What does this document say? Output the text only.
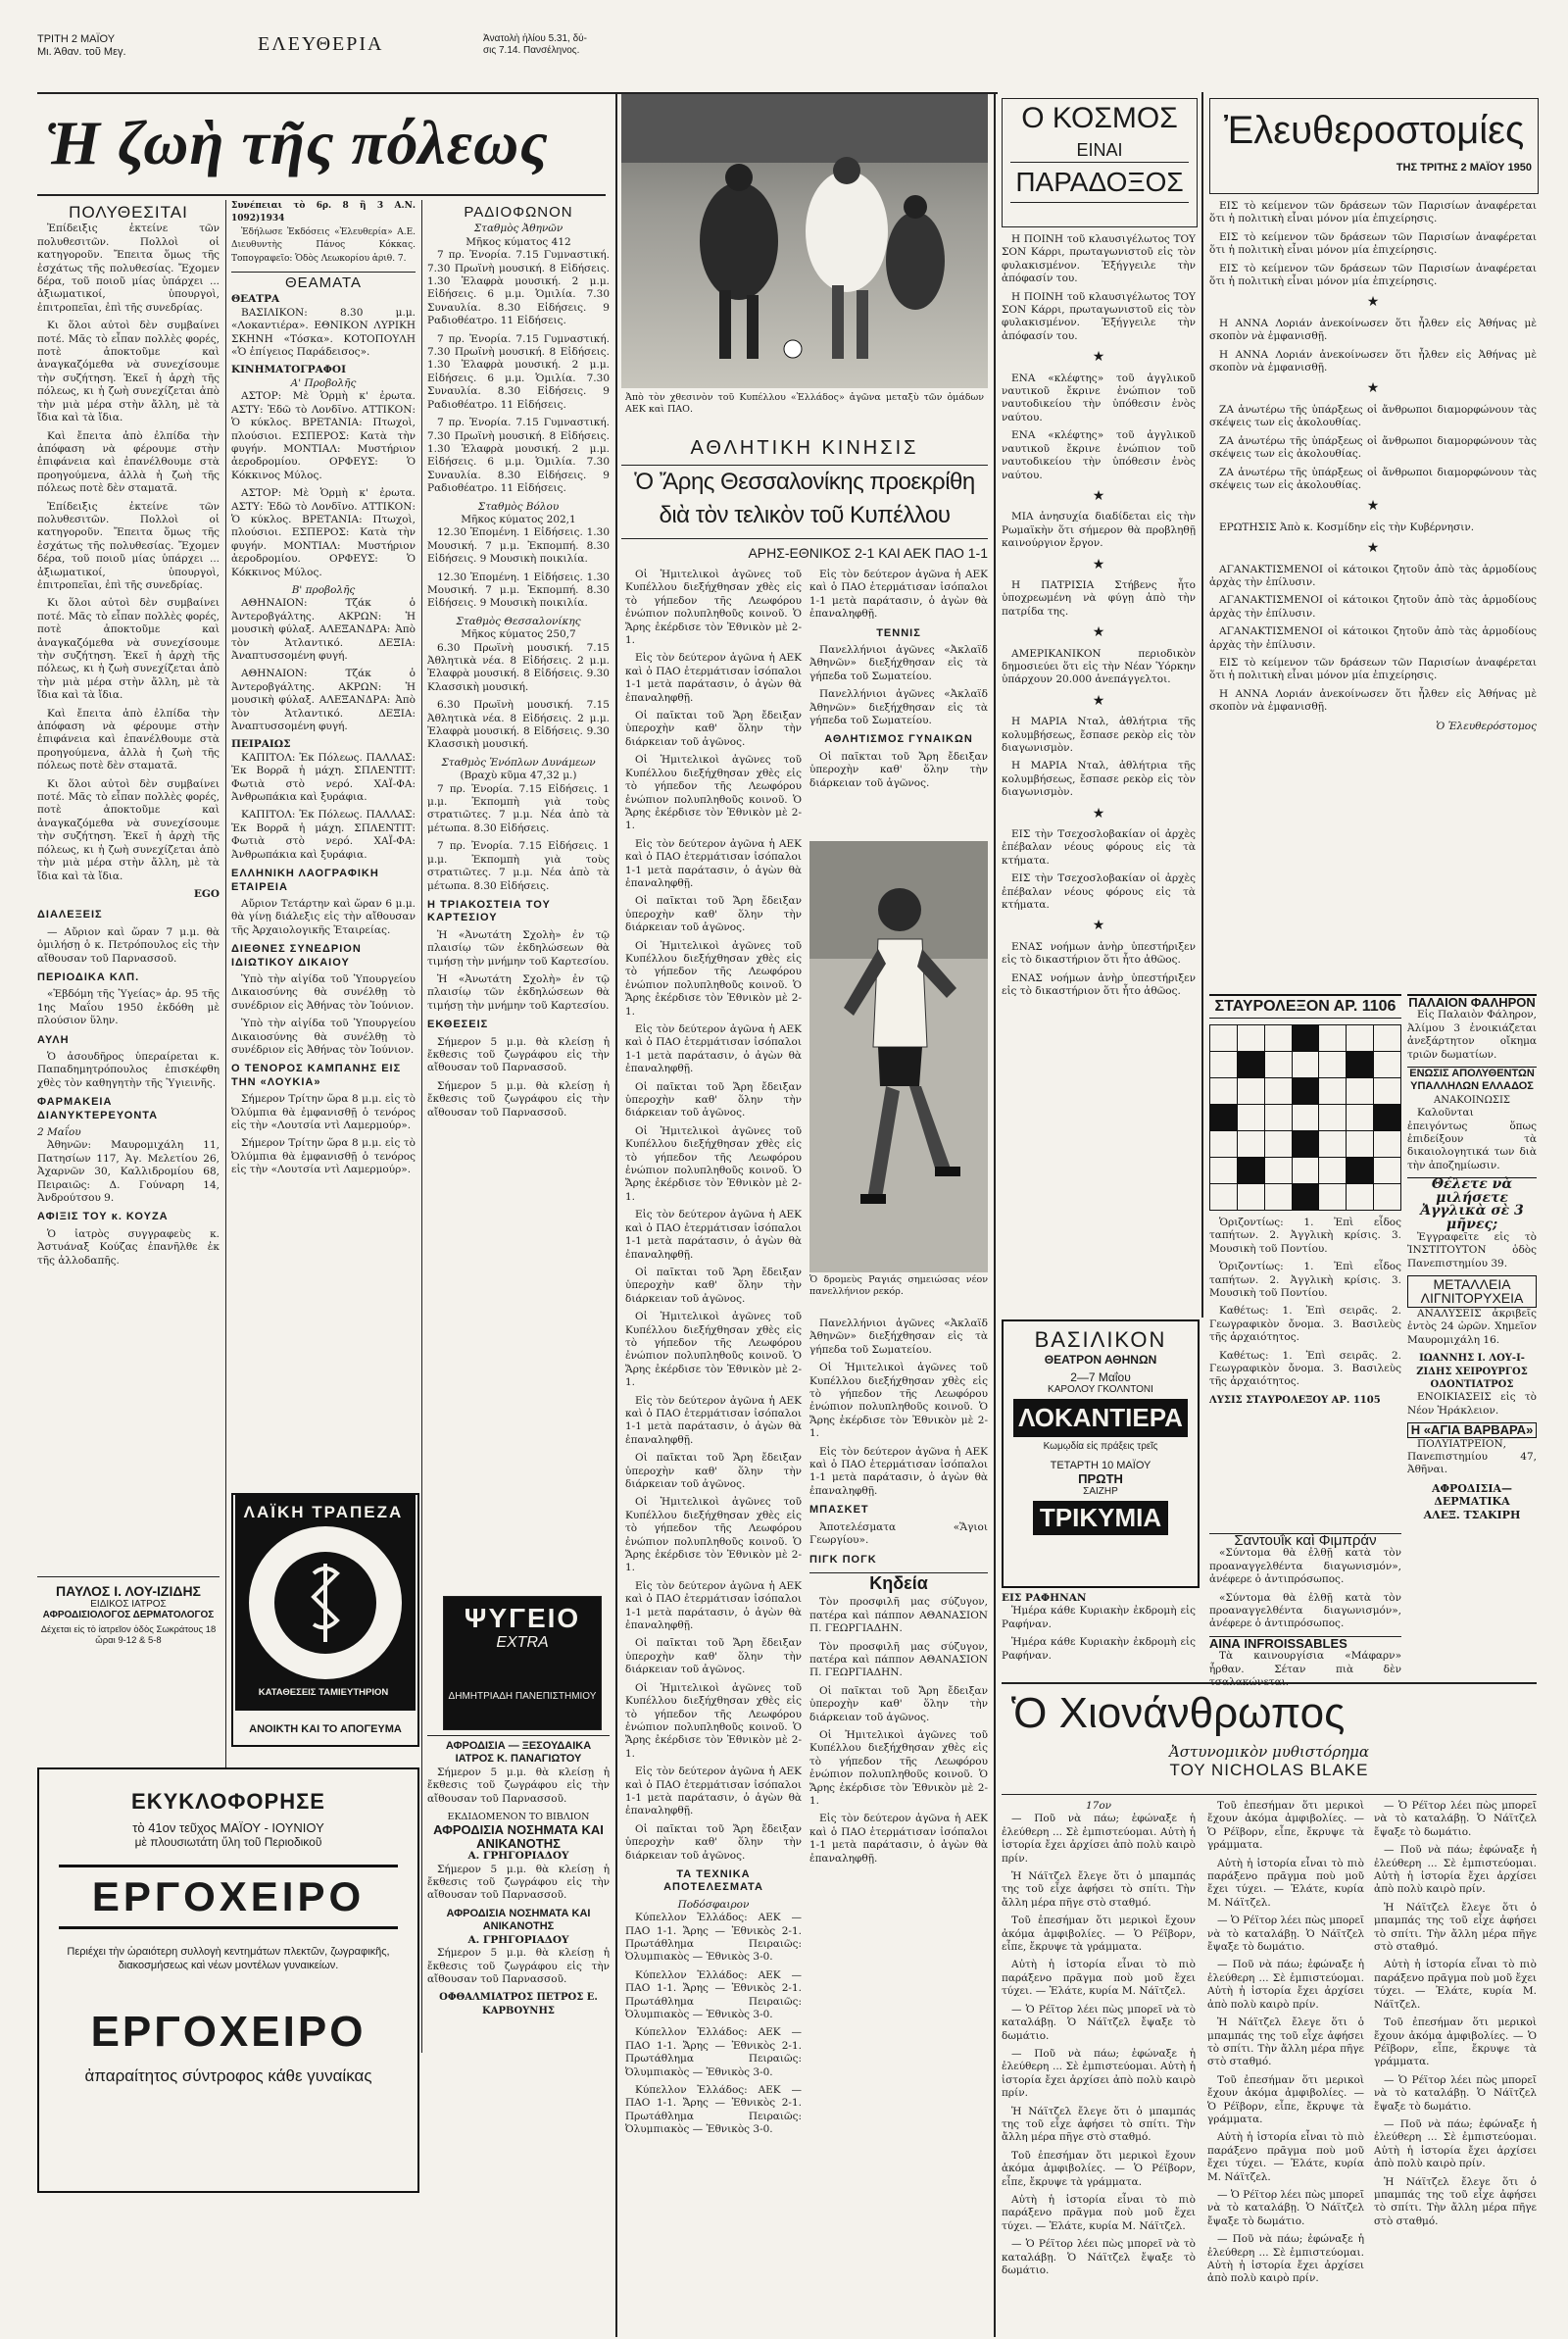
ΤΡΙΤΗ 2 ΜΑΪΟΥ
Μι. Άθαν. τοῦ Μεγ.	ΕΛΕΥΘΕΡΙΑ	Ἀνατολὴ ἡλίου 5.31, δύ-
σις 7.14. Πανσέληνος.
Ἡ ζωὴ τῆς πόλεως
ΠΟΛΥΘΕΣΙΤΑΙ

Ἐπίδειξις ἐκτείνε τῶν πολυθεσιτῶν. Πολλοὶ οἱ κατηγοροῦν. Ἔπειτα ὅμως τῆς ἐσχάτως τῆς πολυθεσίας. Ἔχομεν δέρα, τοῦ ποιοῦ μίας ὑπάρχει ... ἀξιωματικοί, ὑπουργοὶ, ἐπιτροπεῖαι, ἐπὶ τῆς συνεδρίας.

Κι ὅλοι αὐτοὶ δὲν συμβαίνει ποτέ. Μᾶς τὸ εἶπαν πολλὲς φορές, ποτὲ ἀποκτοῦμε καὶ ἀναγκαζόμεθα νὰ συνεχίσουμε τὴν συζήτηση. Ἐκεῖ ἡ ἀρχὴ τῆς πόλεως, κι ἡ ζωὴ συνεχίζεται ἀπὸ τὴν μιὰ μέρα στὴν ἄλλη, μὲ τὰ ἴδια καὶ τὰ ἴδια.

Καὶ ἔπειτα ἀπὸ ἐλπίδα τὴν ἀπόφαση νὰ φέρουμε στὴν ἐπιφάνεια καὶ ἐπανέλθουμε στὰ προηγούμενα, ἀλλὰ ἡ ζωὴ τῆς πόλεως ποτὲ δὲν σταματᾶ.

Ἐπίδειξις ἐκτείνε τῶν πολυθεσιτῶν. Πολλοὶ οἱ κατηγοροῦν. Ἔπειτα ὅμως τῆς ἐσχάτως τῆς πολυθεσίας. Ἔχομεν δέρα, τοῦ ποιοῦ μίας ὑπάρχει ... ἀξιωματικοί, ὑπουργοὶ, ἐπιτροπεῖαι, ἐπὶ τῆς συνεδρίας.

Κι ὅλοι αὐτοὶ δὲν συμβαίνει ποτέ. Μᾶς τὸ εἶπαν πολλὲς φορές, ποτὲ ἀποκτοῦμε καὶ ἀναγκαζόμεθα νὰ συνεχίσουμε τὴν συζήτηση. Ἐκεῖ ἡ ἀρχὴ τῆς πόλεως, κι ἡ ζωὴ συνεχίζεται ἀπὸ τὴν μιὰ μέρα στὴν ἄλλη, μὲ τὰ ἴδια καὶ τὰ ἴδια.

Καὶ ἔπειτα ἀπὸ ἐλπίδα τὴν ἀπόφαση νὰ φέρουμε στὴν ἐπιφάνεια καὶ ἐπανέλθουμε στὰ προηγούμενα, ἀλλὰ ἡ ζωὴ τῆς πόλεως ποτὲ δὲν σταματᾶ.

Κι ὅλοι αὐτοὶ δὲν συμβαίνει ποτέ. Μᾶς τὸ εἶπαν πολλὲς φορές, ποτὲ ἀποκτοῦμε καὶ ἀναγκαζόμεθα νὰ συνεχίσουμε τὴν συζήτηση. Ἐκεῖ ἡ ἀρχὴ τῆς πόλεως, κι ἡ ζωὴ συνεχίζεται ἀπὸ τὴν μιὰ μέρα στὴν ἄλλη, μὲ τὰ ἴδια καὶ τὰ ἴδια.

EGO
ΔΙΑΛΕΞΕΙΣ

— Αὔριον καὶ ὥραν 7 μ.μ. θὰ ὁμιλήσῃ ὁ κ. Πετρόπουλος εἰς τὴν αἴθουσαν τοῦ Παρνασσοῦ.

ΠΕΡΙΟΔΙΚΑ ΚΛΠ.

«Ἑβδόμη τῆς Ὑγείας» ἀρ. 95 τῆς 1ης Μαΐου 1950 ἐκδόθη μὲ πλούσιον ὕλην.

ΑΥΛΗ

Ὁ ἀσουδῆρος ὑπεραίρεται κ. Παπαδημητρόπουλος ἐπισκέφθη χθὲς τὸν καθηγητὴν τῆς Ὑγιεινῆς.

ΦΑΡΜΑΚΕΙΑ ΔΙΑΝΥΚΤΕΡΕΥΟΝΤΑ
2 Μαΐου

Ἀθηνῶν: Μαυρομιχάλη 11, Πατησίων 117, Ἀγ. Μελετίου 26, Ἀχαρνῶν 30, Καλλιδρομίου 68, Πειραιῶς: Δ. Γούναρη 14, Ἀνδρούτσου 9.

ΑΦΙΞΙΣ ΤΟΥ κ. ΚΟΥΖΑ

Ὁ ἰατρὸς συγγραφεὺς κ. Ἀστυάναξ Κούζας ἐπανῆλθε ἐκ τῆς ἀλλοδαπῆς.

ΠΑΥΛΟΣ Ι. ΛΟΥ-ΙΖΙΔΗΣ
ΕΙΔΙΚΟΣ ΙΑΤΡΟΣ
ΑΦΡΟΔΙΣΙΟΛΟΓΟΣ ΔΕΡΜΑΤΟΛΟΓΟΣ
Δέχεται εἰς τὸ ἰατρεῖον ὁδὸς Σωκράτους 18 ὥραι 9-12 & 5-8
Συνέπειαι τὸ 6ρ. 8 ἢ 3 Α.Ν. 1092)1934

Ἐδήλωσε Ἐκδόσεις «Ἐλευθερία» Α.Ε. Διευθυντὴς Πάνος Κόκκας. Τοπογραφεῖο: Ὁδὸς Λεωκορίου ἀριθ. 7.

ΘΕΑΜΑΤΑ
ΘΕΑΤΡΑ

ΒΑΣΙΛΙΚΟΝ: 8.30 μ.μ. «Λοκαντιέρα». ΕΘΝΙΚΟΝ ΛΥΡΙΚΗ ΣΚΗΝΗ «Τόσκα». ΚΟΤΟΠΟΥΛΗ «Ὁ ἐπίγειος Παράδεισος».

ΚΙΝΗΜΑΤΟΓΡΑΦΟΙ
Α' Προβολῆς

ΑΣΤΟΡ: Μὲ Ὁρμὴ κ' ἐρωτα. ΑΣΤΥ: Ἐδῶ τὸ Λονδῖνο. ΑΤΤΙΚΟΝ: Ὁ κύκλος. ΒΡΕΤΑΝΙΑ: Πτωχοὶ, πλούσιοι. ΕΣΠΕΡΟΣ: Κατὰ τὴν φυγήν. ΜΟΝΤΙΑΛ: Μυστήριον ἀεροδρομίου. ΟΡΦΕΥΣ: Ὁ Κόκκινος Μύλος.

ΑΣΤΟΡ: Μὲ Ὁρμὴ κ' ἐρωτα. ΑΣΤΥ: Ἐδῶ τὸ Λονδῖνο. ΑΤΤΙΚΟΝ: Ὁ κύκλος. ΒΡΕΤΑΝΙΑ: Πτωχοὶ, πλούσιοι. ΕΣΠΕΡΟΣ: Κατὰ τὴν φυγήν. ΜΟΝΤΙΑΛ: Μυστήριον ἀεροδρομίου. ΟΡΦΕΥΣ: Ὁ Κόκκινος Μύλος.

Β' προβολῆς

ΑΘΗΝΑΙΟΝ: Τζάκ ὁ Ἀντεροβγάλτης. ΑΚΡΩΝ: Ἡ μουσικὴ φύλαξ. ΑΛΕΞΑΝΔΡΑ: Ἀπὸ τὸν Ἀτλαντικό. ΔΕΞΙΑ: Ἀναπτυσσομένη φυγή.

ΑΘΗΝΑΙΟΝ: Τζάκ ὁ Ἀντεροβγάλτης. ΑΚΡΩΝ: Ἡ μουσικὴ φύλαξ. ΑΛΕΞΑΝΔΡΑ: Ἀπὸ τὸν Ἀτλαντικό. ΔΕΞΙΑ: Ἀναπτυσσομένη φυγή.

ΠΕΙΡΑΙΩΣ

ΚΑΠΙΤΟΛ: Ἐκ Πόλεως. ΠΑΛΛΑΣ: Ἐκ Βορρᾶ ἡ μάχη. ΣΠΛΕΝΤΙΤ: Φωτιὰ στὸ νερό. ΧΑΪ-ΦΑ: Ἀνθρωπάκια καὶ ξυράφια.

ΚΑΠΙΤΟΛ: Ἐκ Πόλεως. ΠΑΛΛΑΣ: Ἐκ Βορρᾶ ἡ μάχη. ΣΠΛΕΝΤΙΤ: Φωτιὰ στὸ νερό. ΧΑΪ-ΦΑ: Ἀνθρωπάκια καὶ ξυράφια.

ΕΛΛΗΝΙΚΗ ΛΑΟΓΡΑΦΙΚΗ ΕΤΑΙΡΕΙΑ

Αὔριον Τετάρτην καὶ ὥραν 6 μ.μ. θὰ γίνῃ διάλεξις εἰς τὴν αἴθουσαν τῆς Ἀρχαιολογικῆς Ἑταιρείας.

ΔΙΕΘΝΕΣ ΣΥΝΕΔΡΙΟΝ ΙΔΙΩΤΙΚΟΥ ΔΙΚΑΙΟΥ

Ὑπὸ τὴν αἰγίδα τοῦ Ὑπουργείου Δικαιοσύνης θὰ συνέλθῃ τὸ συνέδριον εἰς Ἀθήνας τὸν Ἰούνιον.

Ὑπὸ τὴν αἰγίδα τοῦ Ὑπουργείου Δικαιοσύνης θὰ συνέλθῃ τὸ συνέδριον εἰς Ἀθήνας τὸν Ἰούνιον.

Ο ΤΕΝΟΡΟΣ ΚΑΜΠΑΝΗΣ ΕΙΣ ΤΗΝ «ΛΟΥΚΙΑ»

Σήμερον Τρίτην ὥρα 8 μ.μ. εἰς τὸ Ὀλύμπια θὰ ἐμφανισθῇ ὁ τενόρος εἰς τὴν «Λουτσία ντὶ Λαμερμούρ».

Σήμερον Τρίτην ὥρα 8 μ.μ. εἰς τὸ Ὀλύμπια θὰ ἐμφανισθῇ ὁ τενόρος εἰς τὴν «Λουτσία ντὶ Λαμερμούρ».

ΛΑΪΚΗ ΤΡΑΠΕΖΑ
ΚΑΤΑΘΕΣΕΙΣ ΤΑΜΙΕΥΤΗΡΙΟΝ
ΑΝΟΙΚΤΗ ΚΑΙ ΤΟ ΑΠΟΓΕΥΜΑ
ΡΑΔΙΟΦΩΝΟΝ
Σταθμὸς Ἀθηνῶν
Μῆκος κύματος 412

7 πρ. Ἐνορία. 7.15 Γυμναστική. 7.30 Πρωϊνὴ μουσική. 8 Εἰδήσεις. 1.30 Ἐλαφρὰ μουσική. 2 μ.μ. Εἰδήσεις. 6 μ.μ. Ὁμιλία. 7.30 Συναυλία. 8.30 Εἰδήσεις. 9 Ραδιοθέατρο. 11 Εἰδήσεις.

7 πρ. Ἐνορία. 7.15 Γυμναστική. 7.30 Πρωϊνὴ μουσική. 8 Εἰδήσεις. 1.30 Ἐλαφρὰ μουσική. 2 μ.μ. Εἰδήσεις. 6 μ.μ. Ὁμιλία. 7.30 Συναυλία. 8.30 Εἰδήσεις. 9 Ραδιοθέατρο. 11 Εἰδήσεις.

7 πρ. Ἐνορία. 7.15 Γυμναστική. 7.30 Πρωϊνὴ μουσική. 8 Εἰδήσεις. 1.30 Ἐλαφρὰ μουσική. 2 μ.μ. Εἰδήσεις. 6 μ.μ. Ὁμιλία. 7.30 Συναυλία. 8.30 Εἰδήσεις. 9 Ραδιοθέατρο. 11 Εἰδήσεις.

Σταθμὸς Βόλου
Μῆκος κύματος 202,1

12.30 Ἐπομένη. 1 Εἰδήσεις. 1.30 Μουσική. 7 μ.μ. Ἐκπομπή. 8.30 Εἰδήσεις. 9 Μουσικὴ ποικιλία.

12.30 Ἐπομένη. 1 Εἰδήσεις. 1.30 Μουσική. 7 μ.μ. Ἐκπομπή. 8.30 Εἰδήσεις. 9 Μουσικὴ ποικιλία.

Σταθμὸς Θεσσαλονίκης
Μῆκος κύματος 250,7

6.30 Πρωϊνὴ μουσική. 7.15 Ἀθλητικὰ νέα. 8 Εἰδήσεις. 2 μ.μ. Ἐλαφρὰ μουσική. 8 Εἰδήσεις. 9.30 Κλασσικὴ μουσική.

6.30 Πρωϊνὴ μουσική. 7.15 Ἀθλητικὰ νέα. 8 Εἰδήσεις. 2 μ.μ. Ἐλαφρὰ μουσική. 8 Εἰδήσεις. 9.30 Κλασσικὴ μουσική.

Σταθμὸς Ἐνόπλων Δυνάμεων
(Βραχὺ κῦμα 47,32 μ.)

7 πρ. Ἐνορία. 7.15 Εἰδήσεις. 1 μ.μ. Ἐκπομπὴ γιὰ τοὺς στρατιῶτες. 7 μ.μ. Νέα ἀπὸ τὰ μέτωπα. 8.30 Εἰδήσεις.

7 πρ. Ἐνορία. 7.15 Εἰδήσεις. 1 μ.μ. Ἐκπομπὴ γιὰ τοὺς στρατιῶτες. 7 μ.μ. Νέα ἀπὸ τὰ μέτωπα. 8.30 Εἰδήσεις.

Η ΤΡΙΑΚΟΣΤΕΙΑ ΤΟΥ ΚΑΡΤΕΣΙΟΥ

Ἡ «Ἀνωτάτη Σχολὴ» ἐν τῷ πλαισίῳ τῶν ἐκδηλώσεων θὰ τιμήσῃ τὴν μνήμην τοῦ Καρτεσίου.

Ἡ «Ἀνωτάτη Σχολὴ» ἐν τῷ πλαισίῳ τῶν ἐκδηλώσεων θὰ τιμήσῃ τὴν μνήμην τοῦ Καρτεσίου.

ΕΚΘΕΣΕΙΣ

Σήμερον 5 μ.μ. θὰ κλείσῃ ἡ ἔκθεσις τοῦ ζωγράφου εἰς τὴν αἴθουσαν τοῦ Παρνασσοῦ.

Σήμερον 5 μ.μ. θὰ κλείσῃ ἡ ἔκθεσις τοῦ ζωγράφου εἰς τὴν αἴθουσαν τοῦ Παρνασσοῦ.

ΨΥΓΕΙΟ
EXTRA
ΔΗΜΗΤΡΙΑΔΗ ΠΑΝΕΠΙΣΤΗΜΙΟΥ
ΑΦΡΟΔΙΣΙΑ — ΞΕΣΟΥΔΑΙΚΑ ΙΑΤΡΟΣ Κ. ΠΑΝΑΓΙΩΤΟΥ

Σήμερον 5 μ.μ. θὰ κλείσῃ ἡ ἔκθεσις τοῦ ζωγράφου εἰς τὴν αἴθουσαν τοῦ Παρνασσοῦ.

ΕΚΔΙΔΟΜΕΝΟΝ ΤΟ ΒΙΒΛΙΟΝ
ΑΦΡΟΔΙΣΙΑ ΝΟΣΗΜΑΤΑ ΚΑΙ ΑΝΙΚΑΝΟΤΗΣ
Α. ΓΡΗΓΟΡΙΑΔΟΥ

Σήμερον 5 μ.μ. θὰ κλείσῃ ἡ ἔκθεσις τοῦ ζωγράφου εἰς τὴν αἴθουσαν τοῦ Παρνασσοῦ.

ΑΦΡΟΔΙΣΙΑ ΝΟΣΗΜΑΤΑ ΚΑΙ ΑΝΙΚΑΝΟΤΗΣ
Α. ΓΡΗΓΟΡΙΑΔΟΥ

Σήμερον 5 μ.μ. θὰ κλείσῃ ἡ ἔκθεσις τοῦ ζωγράφου εἰς τὴν αἴθουσαν τοῦ Παρνασσοῦ.

ΟΦΘΑΛΜΙΑΤΡΟΣ ΠΕΤΡΟΣ Ε. ΚΑΡΒΟΥΝΗΣ
ΕΚΥΚΛΟΦΟΡΗΣΕ
τὸ 41ον τεῦχος ΜΑΪΟΥ - ΙΟΥΝΙΟΥ
μὲ πλουσιωτάτη ὕλη τοῦ Περιοδικοῦ
ΕΡΓΟΧΕΙΡΟ
Περιέχει τὴν ὡραιότερη συλλογὴ κεντημάτων πλεκτῶν, ζωγραφικῆς, διακοσμήσεως καὶ νέων μοντέλων γυναικείων.
ΕΡΓΟΧΕΙΡΟ
ἀπαραίτητος σύντροφος κάθε γυναίκας
Ἀπὸ τὸν χθεσινὸν τοῦ Κυπέλλου «Ἑλλάδος» ἀγῶνα μεταξὺ τῶν ὁμάδων ΑΕΚ καὶ ΠΑΟ.
ΑΘΛΗΤΙΚΗ ΚΙΝΗΣΙΣ
Ὁ Ἄρης Θεσσαλονίκης προεκρίθη διὰ τὸν τελικὸν τοῦ Κυπέλλου
ΑΡΗΣ-ΕΘΝΙΚΟΣ 2-1 ΚΑΙ ΑΕΚ ΠΑΟ 1-1

Οἱ Ἠμιτελικοὶ ἀγῶνες τοῦ Κυπέλλου διεξήχθησαν χθὲς εἰς τὸ γήπεδον τῆς Λεωφόρου ἐνώπιον πολυπληθοῦς κοινοῦ. Ὁ Ἄρης ἐκέρδισε τὸν Ἐθνικὸν μὲ 2-1.

Εἰς τὸν δεύτερον ἀγῶνα ἡ ΑΕΚ καὶ ὁ ΠΑΟ ἐτερμάτισαν ἰσόπαλοι 1-1 μετὰ παράτασιν, ὁ ἀγὼν θὰ ἐπαναληφθῇ.

Οἱ παῖκται τοῦ Ἄρη ἔδειξαν ὑπεροχὴν καθ' ὅλην τὴν διάρκειαν τοῦ ἀγῶνος.

Οἱ Ἠμιτελικοὶ ἀγῶνες τοῦ Κυπέλλου διεξήχθησαν χθὲς εἰς τὸ γήπεδον τῆς Λεωφόρου ἐνώπιον πολυπληθοῦς κοινοῦ. Ὁ Ἄρης ἐκέρδισε τὸν Ἐθνικὸν μὲ 2-1.

Εἰς τὸν δεύτερον ἀγῶνα ἡ ΑΕΚ καὶ ὁ ΠΑΟ ἐτερμάτισαν ἰσόπαλοι 1-1 μετὰ παράτασιν, ὁ ἀγὼν θὰ ἐπαναληφθῇ.

Οἱ παῖκται τοῦ Ἄρη ἔδειξαν ὑπεροχὴν καθ' ὅλην τὴν διάρκειαν τοῦ ἀγῶνος.

Οἱ Ἠμιτελικοὶ ἀγῶνες τοῦ Κυπέλλου διεξήχθησαν χθὲς εἰς τὸ γήπεδον τῆς Λεωφόρου ἐνώπιον πολυπληθοῦς κοινοῦ. Ὁ Ἄρης ἐκέρδισε τὸν Ἐθνικὸν μὲ 2-1.

Εἰς τὸν δεύτερον ἀγῶνα ἡ ΑΕΚ καὶ ὁ ΠΑΟ ἐτερμάτισαν ἰσόπαλοι 1-1 μετὰ παράτασιν, ὁ ἀγὼν θὰ ἐπαναληφθῇ.

Οἱ παῖκται τοῦ Ἄρη ἔδειξαν ὑπεροχὴν καθ' ὅλην τὴν διάρκειαν τοῦ ἀγῶνος.

Οἱ Ἠμιτελικοὶ ἀγῶνες τοῦ Κυπέλλου διεξήχθησαν χθὲς εἰς τὸ γήπεδον τῆς Λεωφόρου ἐνώπιον πολυπληθοῦς κοινοῦ. Ὁ Ἄρης ἐκέρδισε τὸν Ἐθνικὸν μὲ 2-1.

Εἰς τὸν δεύτερον ἀγῶνα ἡ ΑΕΚ καὶ ὁ ΠΑΟ ἐτερμάτισαν ἰσόπαλοι 1-1 μετὰ παράτασιν, ὁ ἀγὼν θὰ ἐπαναληφθῇ.

Οἱ παῖκται τοῦ Ἄρη ἔδειξαν ὑπεροχὴν καθ' ὅλην τὴν διάρκειαν τοῦ ἀγῶνος.

Οἱ Ἠμιτελικοὶ ἀγῶνες τοῦ Κυπέλλου διεξήχθησαν χθὲς εἰς τὸ γήπεδον τῆς Λεωφόρου ἐνώπιον πολυπληθοῦς κοινοῦ. Ὁ Ἄρης ἐκέρδισε τὸν Ἐθνικὸν μὲ 2-1.

Εἰς τὸν δεύτερον ἀγῶνα ἡ ΑΕΚ καὶ ὁ ΠΑΟ ἐτερμάτισαν ἰσόπαλοι 1-1 μετὰ παράτασιν, ὁ ἀγὼν θὰ ἐπαναληφθῇ.

Οἱ παῖκται τοῦ Ἄρη ἔδειξαν ὑπεροχὴν καθ' ὅλην τὴν διάρκειαν τοῦ ἀγῶνος.

Οἱ Ἠμιτελικοὶ ἀγῶνες τοῦ Κυπέλλου διεξήχθησαν χθὲς εἰς τὸ γήπεδον τῆς Λεωφόρου ἐνώπιον πολυπληθοῦς κοινοῦ. Ὁ Ἄρης ἐκέρδισε τὸν Ἐθνικὸν μὲ 2-1.

Εἰς τὸν δεύτερον ἀγῶνα ἡ ΑΕΚ καὶ ὁ ΠΑΟ ἐτερμάτισαν ἰσόπαλοι 1-1 μετὰ παράτασιν, ὁ ἀγὼν θὰ ἐπαναληφθῇ.

Οἱ παῖκται τοῦ Ἄρη ἔδειξαν ὑπεροχὴν καθ' ὅλην τὴν διάρκειαν τοῦ ἀγῶνος.

Οἱ Ἠμιτελικοὶ ἀγῶνες τοῦ Κυπέλλου διεξήχθησαν χθὲς εἰς τὸ γήπεδον τῆς Λεωφόρου ἐνώπιον πολυπληθοῦς κοινοῦ. Ὁ Ἄρης ἐκέρδισε τὸν Ἐθνικὸν μὲ 2-1.

Εἰς τὸν δεύτερον ἀγῶνα ἡ ΑΕΚ καὶ ὁ ΠΑΟ ἐτερμάτισαν ἰσόπαλοι 1-1 μετὰ παράτασιν, ὁ ἀγὼν θὰ ἐπαναληφθῇ.

Οἱ παῖκται τοῦ Ἄρη ἔδειξαν ὑπεροχὴν καθ' ὅλην τὴν διάρκειαν τοῦ ἀγῶνος.

ΤΑ ΤΕΧΝΙΚΑ ΑΠΟΤΕΛΕΣΜΑΤΑ
Ποδόσφαιρον

Κύπελλον Ἑλλάδος: ΑΕΚ — ΠΑΟ 1-1. Ἄρης — Ἐθνικὸς 2-1. Πρωτάθλημα Πειραιῶς: Ὀλυμπιακὸς — Ἐθνικὸς 3-0.

Κύπελλον Ἑλλάδος: ΑΕΚ — ΠΑΟ 1-1. Ἄρης — Ἐθνικὸς 2-1. Πρωτάθλημα Πειραιῶς: Ὀλυμπιακὸς — Ἐθνικὸς 3-0.

Κύπελλον Ἑλλάδος: ΑΕΚ — ΠΑΟ 1-1. Ἄρης — Ἐθνικὸς 2-1. Πρωτάθλημα Πειραιῶς: Ὀλυμπιακὸς — Ἐθνικὸς 3-0.

Κύπελλον Ἑλλάδος: ΑΕΚ — ΠΑΟ 1-1. Ἄρης — Ἐθνικὸς 2-1. Πρωτάθλημα Πειραιῶς: Ὀλυμπιακὸς — Ἐθνικὸς 3-0.

Εἰς τὸν δεύτερον ἀγῶνα ἡ ΑΕΚ καὶ ὁ ΠΑΟ ἐτερμάτισαν ἰσόπαλοι 1-1 μετὰ παράτασιν, ὁ ἀγὼν θὰ ἐπαναληφθῇ.

ΤΕΝΝΙΣ

Πανελλήνιοι ἀγῶνες «Ἀκλαϊδ Ἀθηνῶν» διεξήχθησαν εἰς τὰ γήπεδα τοῦ Σωματείου.

Πανελλήνιοι ἀγῶνες «Ἀκλαϊδ Ἀθηνῶν» διεξήχθησαν εἰς τὰ γήπεδα τοῦ Σωματείου.

ΑΘΛΗΤΙΣΜΟΣ ΓΥΝΑΙΚΩΝ

Οἱ παῖκται τοῦ Ἄρη ἔδειξαν ὑπεροχὴν καθ' ὅλην τὴν διάρκειαν τοῦ ἀγῶνος.

Ὁ δρομεὺς Ραγιάς σημειώσας νέον πανελλήνιον ρεκόρ.

Πανελλήνιοι ἀγῶνες «Ἀκλαϊδ Ἀθηνῶν» διεξήχθησαν εἰς τὰ γήπεδα τοῦ Σωματείου.

Οἱ Ἠμιτελικοὶ ἀγῶνες τοῦ Κυπέλλου διεξήχθησαν χθὲς εἰς τὸ γήπεδον τῆς Λεωφόρου ἐνώπιον πολυπληθοῦς κοινοῦ. Ὁ Ἄρης ἐκέρδισε τὸν Ἐθνικὸν μὲ 2-1.

Εἰς τὸν δεύτερον ἀγῶνα ἡ ΑΕΚ καὶ ὁ ΠΑΟ ἐτερμάτισαν ἰσόπαλοι 1-1 μετὰ παράτασιν, ὁ ἀγὼν θὰ ἐπαναληφθῇ.

ΜΠΑΣΚΕΤ

Ἀποτελέσματα «Ἅγιοι Γεωργίου».

ΠΙΓΚ ΠΟΓΚ
Κηδεία

Τὸν προσφιλῆ μας σύζυγον, πατέρα καὶ πάππον ΑΘΑΝΑΣΙΟΝ Π. ΓΕΩΡΓΙΑΔΗΝ.

Τὸν προσφιλῆ μας σύζυγον, πατέρα καὶ πάππον ΑΘΑΝΑΣΙΟΝ Π. ΓΕΩΡΓΙΑΔΗΝ.

Οἱ παῖκται τοῦ Ἄρη ἔδειξαν ὑπεροχὴν καθ' ὅλην τὴν διάρκειαν τοῦ ἀγῶνος.

Οἱ Ἠμιτελικοὶ ἀγῶνες τοῦ Κυπέλλου διεξήχθησαν χθὲς εἰς τὸ γήπεδον τῆς Λεωφόρου ἐνώπιον πολυπληθοῦς κοινοῦ. Ὁ Ἄρης ἐκέρδισε τὸν Ἐθνικὸν μὲ 2-1.

Εἰς τὸν δεύτερον ἀγῶνα ἡ ΑΕΚ καὶ ὁ ΠΑΟ ἐτερμάτισαν ἰσόπαλοι 1-1 μετὰ παράτασιν, ὁ ἀγὼν θὰ ἐπαναληφθῇ.

Ο ΚΟΣΜΟΣ
ΕΙΝΑΙ
ΠΑΡΑΔΟΞΟΣ

Η ΠΟΙΝΗ τοῦ κλαυσιγέλωτος ΤΟΥ ΣΟΝ Κάρρι, πρωταγωνιστοῦ εἰς τὸν φυλακισμένον. Ἐξήγγειλε τὴν ἀπόφασίν του.

Η ΠΟΙΝΗ τοῦ κλαυσιγέλωτος ΤΟΥ ΣΟΝ Κάρρι, πρωταγωνιστοῦ εἰς τὸν φυλακισμένον. Ἐξήγγειλε τὴν ἀπόφασίν του.

★

ΕΝΑ «κλέφτης» τοῦ ἀγγλικοῦ ναυτικοῦ ἔκρινε ἐνώπιον τοῦ ναυτοδικείου τὴν ὑπόθεσιν ἑνὸς ναύτου.

ΕΝΑ «κλέφτης» τοῦ ἀγγλικοῦ ναυτικοῦ ἔκρινε ἐνώπιον τοῦ ναυτοδικείου τὴν ὑπόθεσιν ἑνὸς ναύτου.

★

ΜΙΑ ἀνησυχία διαδίδεται εἰς τὴν Ρωμαϊκὴν ὅτι σήμερον θὰ προβληθῇ καινούργιον ἔργον.

★

Η ΠΑΤΡΙΣΙΑ Στήβενς ἦτο ὑποχρεωμένη νὰ φύγῃ ἀπὸ τὴν πατρίδα της.

★

ΑΜΕΡΙΚΑΝΙΚΟΝ περιοδικὸν δημοσιεύει ὅτι εἰς τὴν Νέαν Ὑόρκην ὑπάρχουν 20.000 ἀνεπάγγελτοι.

★

Η ΜΑΡΙΑ Νταλ, ἀθλήτρια τῆς κολυμβήσεως, ἔσπασε ρεκὸρ εἰς τὸν διαγωνισμὸν.

Η ΜΑΡΙΑ Νταλ, ἀθλήτρια τῆς κολυμβήσεως, ἔσπασε ρεκὸρ εἰς τὸν διαγωνισμὸν.

★

ΕΙΣ τὴν Τσεχοσλοβακίαν οἱ ἀρχὲς ἐπέβαλαν νέους φόρους εἰς τὰ κτήματα.

ΕΙΣ τὴν Τσεχοσλοβακίαν οἱ ἀρχὲς ἐπέβαλαν νέους φόρους εἰς τὰ κτήματα.

★

ΕΝΑΣ νοήμων ἀνὴρ ὑπεστήριξεν εἰς τὸ δικαστήριον ὅτι ἦτο ἀθῶος.

ΕΝΑΣ νοήμων ἀνὴρ ὑπεστήριξεν εἰς τὸ δικαστήριον ὅτι ἦτο ἀθῶος.

ΒΑΣΙΛΙΚΟΝ
ΘΕΑΤΡΟΝ ΑΘΗΝΩΝ
2—7 Μαΐου
ΚΑΡΟΛΟΥ ΓΚΟΛΝΤΟΝΙ
ΛΟΚΑΝΤΙΕΡΑ
Κωμῳδία εἰς πράξεις τρεῖς
ΤΕΤΑΡΤΗ 10 ΜΑΪΟΥ
ΠΡΩΤΗ
ΣΑΙΖΗΡ
ΤΡΙΚΥΜΙΑ
ΕΙΣ ΡΑΦΗΝΑΝ

Ἡμέρα κάθε Κυριακὴν ἐκδρομὴ εἰς Ραφήναν.

Ἡμέρα κάθε Κυριακὴν ἐκδρομὴ εἰς Ραφήναν.

Ὁ Χιονάνθρωπος
Ἀστυνομικὸν μυθιστόρημα
ΤΟΥ NICHOLAS BLAKE
17ον

— Ποῦ νὰ πάω; ἐφώναξε ἡ ἐλεύθερη ... Σὲ ἐμπιστεύομαι. Αὐτὴ ἡ ἱστορία ἔχει ἀρχίσει ἀπὸ πολὺ καιρὸ πρίν.

Ἡ Νάϊτζελ ἔλεγε ὅτι ὁ μπαμπάς της τοῦ εἶχε ἀφήσει τὸ σπίτι. Τὴν ἄλλη μέρα πῆγε στὸ σταθμό.

Τοῦ ἐπεσήμαν ὅτι μερικοὶ ἔχουν ἀκόμα ἀμφιβολίες. — Ὁ Ρέϊβορν, εἶπε, ἔκρυψε τὰ γράμματα.

Αὐτὴ ἡ ἱστορία εἶναι τὸ πιὸ παράξενο πρᾶγμα ποὺ μοῦ ἔχει τύχει. — Ἐλάτε, κυρία Μ. Νάϊτζελ.

— Ὁ Ρέϊτορ λέει πὼς μπορεῖ νὰ τὸ καταλάβῃ. Ὁ Νάϊτζελ ἔψαξε τὸ δωμάτιο.

— Ποῦ νὰ πάω; ἐφώναξε ἡ ἐλεύθερη ... Σὲ ἐμπιστεύομαι. Αὐτὴ ἡ ἱστορία ἔχει ἀρχίσει ἀπὸ πολὺ καιρὸ πρίν.

Ἡ Νάϊτζελ ἔλεγε ὅτι ὁ μπαμπάς της τοῦ εἶχε ἀφήσει τὸ σπίτι. Τὴν ἄλλη μέρα πῆγε στὸ σταθμό.

Τοῦ ἐπεσήμαν ὅτι μερικοὶ ἔχουν ἀκόμα ἀμφιβολίες. — Ὁ Ρέϊβορν, εἶπε, ἔκρυψε τὰ γράμματα.

Αὐτὴ ἡ ἱστορία εἶναι τὸ πιὸ παράξενο πρᾶγμα ποὺ μοῦ ἔχει τύχει. — Ἐλάτε, κυρία Μ. Νάϊτζελ.

— Ὁ Ρέϊτορ λέει πὼς μπορεῖ νὰ τὸ καταλάβῃ. Ὁ Νάϊτζελ ἔψαξε τὸ δωμάτιο.

Τοῦ ἐπεσήμαν ὅτι μερικοὶ ἔχουν ἀκόμα ἀμφιβολίες. — Ὁ Ρέϊβορν, εἶπε, ἔκρυψε τὰ γράμματα.

Αὐτὴ ἡ ἱστορία εἶναι τὸ πιὸ παράξενο πρᾶγμα ποὺ μοῦ ἔχει τύχει. — Ἐλάτε, κυρία Μ. Νάϊτζελ.

— Ὁ Ρέϊτορ λέει πὼς μπορεῖ νὰ τὸ καταλάβῃ. Ὁ Νάϊτζελ ἔψαξε τὸ δωμάτιο.

— Ποῦ νὰ πάω; ἐφώναξε ἡ ἐλεύθερη ... Σὲ ἐμπιστεύομαι. Αὐτὴ ἡ ἱστορία ἔχει ἀρχίσει ἀπὸ πολὺ καιρὸ πρίν.

Ἡ Νάϊτζελ ἔλεγε ὅτι ὁ μπαμπάς της τοῦ εἶχε ἀφήσει τὸ σπίτι. Τὴν ἄλλη μέρα πῆγε στὸ σταθμό.

Τοῦ ἐπεσήμαν ὅτι μερικοὶ ἔχουν ἀκόμα ἀμφιβολίες. — Ὁ Ρέϊβορν, εἶπε, ἔκρυψε τὰ γράμματα.

Αὐτὴ ἡ ἱστορία εἶναι τὸ πιὸ παράξενο πρᾶγμα ποὺ μοῦ ἔχει τύχει. — Ἐλάτε, κυρία Μ. Νάϊτζελ.

— Ὁ Ρέϊτορ λέει πὼς μπορεῖ νὰ τὸ καταλάβῃ. Ὁ Νάϊτζελ ἔψαξε τὸ δωμάτιο.

— Ποῦ νὰ πάω; ἐφώναξε ἡ ἐλεύθερη ... Σὲ ἐμπιστεύομαι. Αὐτὴ ἡ ἱστορία ἔχει ἀρχίσει ἀπὸ πολὺ καιρὸ πρίν.

— Ὁ Ρέϊτορ λέει πὼς μπορεῖ νὰ τὸ καταλάβῃ. Ὁ Νάϊτζελ ἔψαξε τὸ δωμάτιο.

— Ποῦ νὰ πάω; ἐφώναξε ἡ ἐλεύθερη ... Σὲ ἐμπιστεύομαι. Αὐτὴ ἡ ἱστορία ἔχει ἀρχίσει ἀπὸ πολὺ καιρὸ πρίν.

Ἡ Νάϊτζελ ἔλεγε ὅτι ὁ μπαμπάς της τοῦ εἶχε ἀφήσει τὸ σπίτι. Τὴν ἄλλη μέρα πῆγε στὸ σταθμό.

Αὐτὴ ἡ ἱστορία εἶναι τὸ πιὸ παράξενο πρᾶγμα ποὺ μοῦ ἔχει τύχει. — Ἐλάτε, κυρία Μ. Νάϊτζελ.

Τοῦ ἐπεσήμαν ὅτι μερικοὶ ἔχουν ἀκόμα ἀμφιβολίες. — Ὁ Ρέϊβορν, εἶπε, ἔκρυψε τὰ γράμματα.

— Ὁ Ρέϊτορ λέει πὼς μπορεῖ νὰ τὸ καταλάβῃ. Ὁ Νάϊτζελ ἔψαξε τὸ δωμάτιο.

— Ποῦ νὰ πάω; ἐφώναξε ἡ ἐλεύθερη ... Σὲ ἐμπιστεύομαι. Αὐτὴ ἡ ἱστορία ἔχει ἀρχίσει ἀπὸ πολὺ καιρὸ πρίν.

Ἡ Νάϊτζελ ἔλεγε ὅτι ὁ μπαμπάς της τοῦ εἶχε ἀφήσει τὸ σπίτι. Τὴν ἄλλη μέρα πῆγε στὸ σταθμό.

Ἐλευθεροστομίες
ΤΗΣ ΤΡΙΤΗΣ 2 ΜΑΪΟΥ 1950

ΕΙΣ τὸ κείμενον τῶν δράσεων τῶν Παρισίων ἀναφέρεται ὅτι ἡ πολιτικὴ εἶναι μόνον μία ἐπιχείρησις.

ΕΙΣ τὸ κείμενον τῶν δράσεων τῶν Παρισίων ἀναφέρεται ὅτι ἡ πολιτικὴ εἶναι μόνον μία ἐπιχείρησις.

ΕΙΣ τὸ κείμενον τῶν δράσεων τῶν Παρισίων ἀναφέρεται ὅτι ἡ πολιτικὴ εἶναι μόνον μία ἐπιχείρησις.

★

Η ΑΝΝΑ Λοριάν ἀνεκοίνωσεν ὅτι ἦλθεν εἰς Ἀθήνας μὲ σκοπὸν νὰ ἐμφανισθῇ.

Η ΑΝΝΑ Λοριάν ἀνεκοίνωσεν ὅτι ἦλθεν εἰς Ἀθήνας μὲ σκοπὸν νὰ ἐμφανισθῇ.

★

ΖΑ ἀνωτέρω τῆς ὑπάρξεως οἱ ἄνθρωποι διαμορφώνουν τὰς σκέψεις των εἰς ἀκολουθίας.

ΖΑ ἀνωτέρω τῆς ὑπάρξεως οἱ ἄνθρωποι διαμορφώνουν τὰς σκέψεις των εἰς ἀκολουθίας.

ΖΑ ἀνωτέρω τῆς ὑπάρξεως οἱ ἄνθρωποι διαμορφώνουν τὰς σκέψεις των εἰς ἀκολουθίας.

★

ΕΡΩΤΗΣΙΣ Ἀπὸ κ. Κοσμίδην εἰς τὴν Κυβέρνησιν.

★

ΑΓΑΝΑΚΤΙΣΜΕΝΟΙ οἱ κάτοικοι ζητοῦν ἀπὸ τὰς ἁρμοδίους ἀρχὰς τὴν ἐπίλυσιν.

ΑΓΑΝΑΚΤΙΣΜΕΝΟΙ οἱ κάτοικοι ζητοῦν ἀπὸ τὰς ἁρμοδίους ἀρχὰς τὴν ἐπίλυσιν.

ΑΓΑΝΑΚΤΙΣΜΕΝΟΙ οἱ κάτοικοι ζητοῦν ἀπὸ τὰς ἁρμοδίους ἀρχὰς τὴν ἐπίλυσιν.

ΕΙΣ τὸ κείμενον τῶν δράσεων τῶν Παρισίων ἀναφέρεται ὅτι ἡ πολιτικὴ εἶναι μόνον μία ἐπιχείρησις.

Η ΑΝΝΑ Λοριάν ἀνεκοίνωσεν ὅτι ἦλθεν εἰς Ἀθήνας μὲ σκοπὸν νὰ ἐμφανισθῇ.

Ὁ Ἐλευθερόστομος
ΣΤΑΥΡΟΛΕΞΟΝ ΑΡ. 1106

Ὁριζοντίως: 1. Ἐπὶ εἶδος ταπήτων. 2. Ἀγγλικὴ κρίσις. 3. Μουσικὴ τοῦ Ποντίου.

Ὁριζοντίως: 1. Ἐπὶ εἶδος ταπήτων. 2. Ἀγγλικὴ κρίσις. 3. Μουσικὴ τοῦ Ποντίου.

Καθέτως: 1. Ἐπὶ σειρᾶς. 2. Γεωγραφικὸν ὄνομα. 3. Βασιλεὺς τῆς ἀρχαιότητος.

Καθέτως: 1. Ἐπὶ σειρᾶς. 2. Γεωγραφικὸν ὄνομα. 3. Βασιλεὺς τῆς ἀρχαιότητος.

ΛΥΣΙΣ ΣΤΑΥΡΟΛΕΞΟΥ ΑΡ. 1105
Σαντουΐκ καὶ Φιμπράν

«Σύντομα θὰ ἐλθῇ κατὰ τὸν προαναγγελθέντα διαγωνισμόν», ἀνέφερε ὁ ἀντιπρόσωπος.

«Σύντομα θὰ ἐλθῇ κατὰ τὸν προαναγγελθέντα διαγωνισμόν», ἀνέφερε ὁ ἀντιπρόσωπος.

ΑΙΝΑ INFROISSABLES

Τὰ καινουργίσια «Μάφαρν» ἦρθαν. Σέταν πιὰ δὲν τσαλακώνεται.

ΠΑΛΑΙΟΝ ΦΑΛΗΡΟΝ

Εἰς Παλαιὸν Φάληρον, Ἀλίμου 3 ἐνοικιάζεται ἀνεξάρτητον οἴκημα τριῶν δωματίων.

ΕΝΩΣΙΣ ΑΠΟΛΥΘΕΝΤΩΝ ΥΠΑΛΛΗΛΩΝ ΕΛΛΑΔΟΣ
ΑΝΑΚΟΙΝΩΣΙΣ

Καλοῦνται ἐπειγόντως ὅπως ἐπιδείξουν τὰ δικαιολογητικά των διὰ τὴν ἀποζημίωσιν.

Θέλετε νὰ μιλήσετε Ἀγγλικὰ σὲ 3 μῆνες;

Ἐγγραφεῖτε εἰς τὸ ἸΝΣΤΙΤΟΥΤΟΝ ὁδὸς Πανεπιστημίου 39.

ΜΕΤΑΛΛΕΙΑ ΛΙΓΝΙΤΟΡΥΧΕΙΑ

ΑΝΑΛΥΣΕΙΣ ἀκριβεῖς ἐντὸς 24 ὡρῶν. Χημεῖον Μαυρομιχάλη 16.

ΙΩΑΝΝΗΣ Ι. ΛΟΥ-Ι-ΖΙΔΗΣ ΧΕΙΡΟΥΡΓΟΣ ΟΔΟΝΤΙΑΤΡΟΣ

ΕΝΟΙΚΙΑΣΕΙΣ εἰς τὸ Νέον Ἡράκλειον.

Η «ΑΓΙΑ ΒΑΡΒΑΡΑ»

ΠΟΛΥΙΑΤΡΕΙΟΝ, Πανεπιστημίου 47, Ἀθῆναι.

ΑΦΡΟΔΙΣΙΑ—ΔΕΡΜΑΤΙΚΑ
ΑΛΕΞ. ΤΣΑΚΙΡΗ
